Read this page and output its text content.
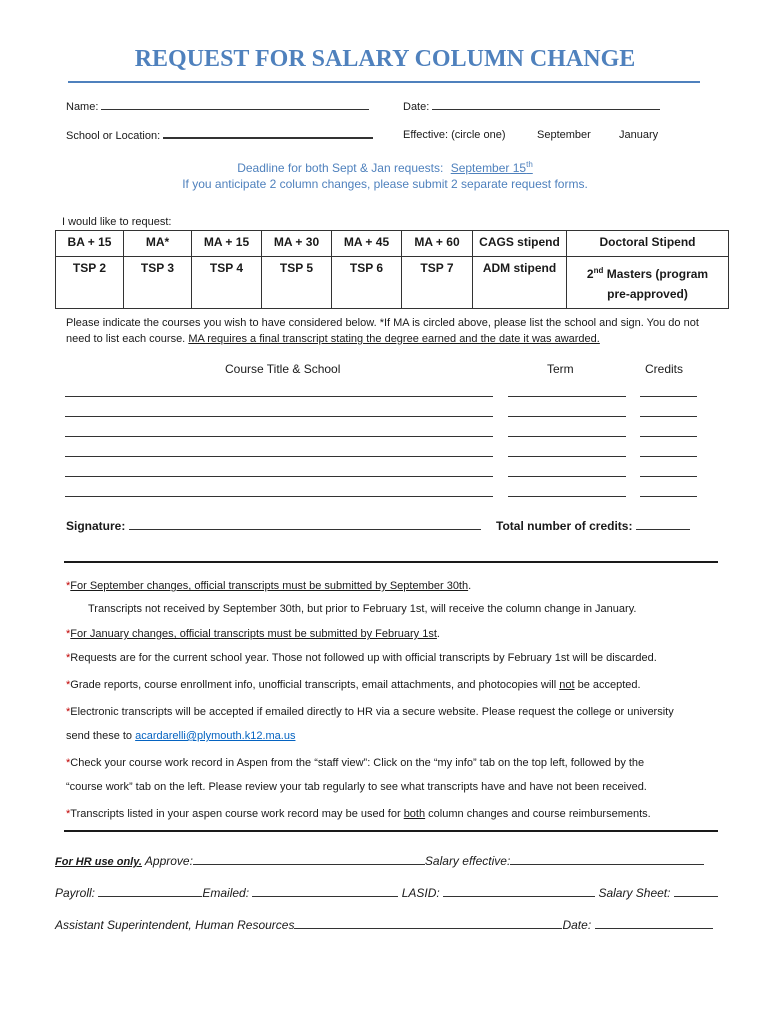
REQUEST FOR SALARY COLUMN CHANGE
Name:	Date:
School or Location:	Effective: (circle one)	September	January
Deadline for both Sept & Jan requests: September 15th
If you anticipate 2 column changes, please submit 2 separate request forms.
I would like to request:
BA + 15	MA*	MA + 15	MA + 30	MA + 45	MA + 60	CAGS stipend	Doctoral Stipend
TSP 2	TSP 3	TSP 4	TSP 5	TSP 6	TSP 7	ADM stipend	2nd Masters (program
pre-approved)
Please indicate the courses you wish to have considered below. *If MA is circled above, please list the school and sign. You do not need to list each course. MA requires a final transcript stating the degree earned and the date it was awarded.
Course Title & School	Term	Credits
Signature:	Total number of credits:
*For September changes, official transcripts must be submitted by September 30th.
Transcripts not received by September 30th, but prior to February 1st, will receive the column change in January.
*For January changes, official transcripts must be submitted by February 1st.
*Requests are for the current school year. Those not followed up with official transcripts by February 1st will be discarded.
*Grade reports, course enrollment info, unofficial transcripts, email attachments, and photocopies will not be accepted.
*Electronic transcripts will be accepted if emailed directly to HR via a secure website. Please request the college or university
send these to acardarelli@plymouth.k12.ma.us
*Check your course work record in Aspen from the “staff view”: Click on the “my info” tab on the top left, followed by the
“course work” tab on the left. Please review your tab regularly to see what transcripts have and have not been received.
*Transcripts listed in your aspen course work record may be used for both column changes and course reimbursements.
For HR use only. Approve:	Salary effective:
Payroll:	Emailed:	LASID:	Salary Sheet:
Assistant Superintendent, Human Resources	Date:
